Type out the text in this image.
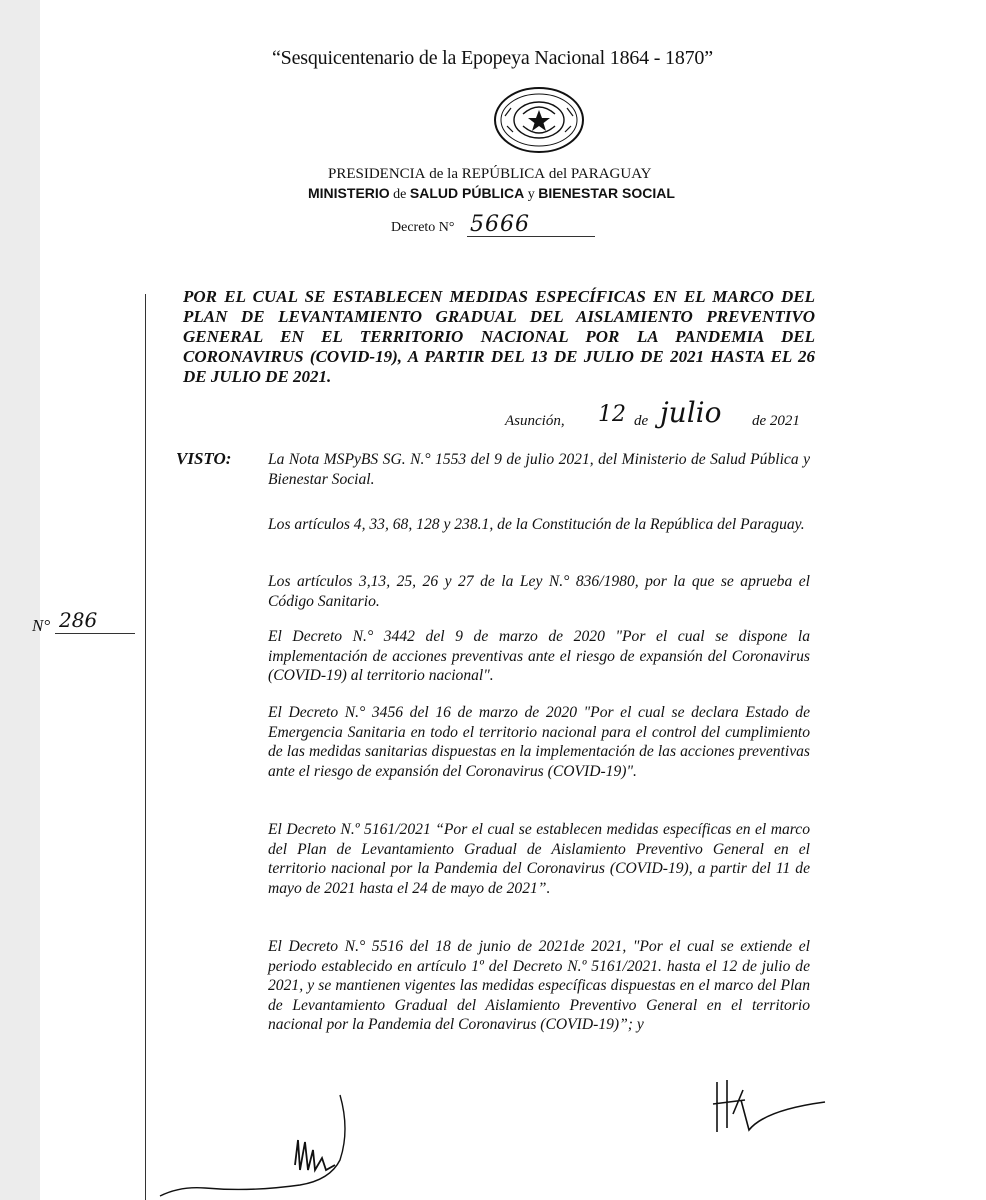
“Sesquicentenario de la Epopeya Nacional 1864 - 1870”
PRESIDENCIA de la REPÚBLICA del PARAGUAY
MINISTERIO de SALUD PÚBLICA y BIENESTAR SOCIAL
Decreto N° 5666
N° 286
POR EL CUAL SE ESTABLECEN MEDIDAS ESPECÍFICAS EN EL MARCO DEL PLAN DE LEVANTAMIENTO GRADUAL DEL AISLAMIENTO PREVENTIVO GENERAL EN EL TERRITORIO NACIONAL POR LA PANDEMIA DEL CORONAVIRUS (COVID-19), A PARTIR DEL 13 DE JULIO DE 2021 HASTA EL 26 DE JULIO DE 2021.
Asunción, 12 de julio de 2021
VISTO: La Nota MSPyBS SG. N.° 1553 del 9 de julio 2021, del Ministerio de Salud Pública y Bienestar Social.
Los artículos 4, 33, 68, 128 y 238.1, de la Constitución de la República del Paraguay.
Los artículos 3,13, 25, 26 y 27 de la Ley N.° 836/1980, por la que se aprueba el Código Sanitario.
El Decreto N.° 3442 del 9 de marzo de 2020 "Por el cual se dispone la implementación de acciones preventivas ante el riesgo de expansión del Coronavirus (COVID-19) al territorio nacional".
El Decreto N.° 3456 del 16 de marzo de 2020 "Por el cual se declara Estado de Emergencia Sanitaria en todo el territorio nacional para el control del cumplimiento de las medidas sanitarias dispuestas en la implementación de las acciones preventivas ante el riesgo de expansión del Coronavirus (COVID-19)".
El Decreto N.º 5161/2021 “Por el cual se establecen medidas específicas en el marco del Plan de Levantamiento Gradual de Aislamiento Preventivo General en el territorio nacional por la Pandemia del Coronavirus (COVID-19), a partir del 11 de mayo de 2021 hasta el 24 de mayo de 2021”.
El Decreto N.° 5516 del 18 de junio de 2021de 2021, "Por el cual se extiende el periodo establecido en artículo 1º del Decreto N.º 5161/2021. hasta el 12 de julio de 2021, y se mantienen vigentes las medidas específicas dispuestas en el marco del Plan de Levantamiento Gradual del Aislamiento Preventivo General en el territorio nacional por la Pandemia del Coronavirus (COVID-19)”; y
